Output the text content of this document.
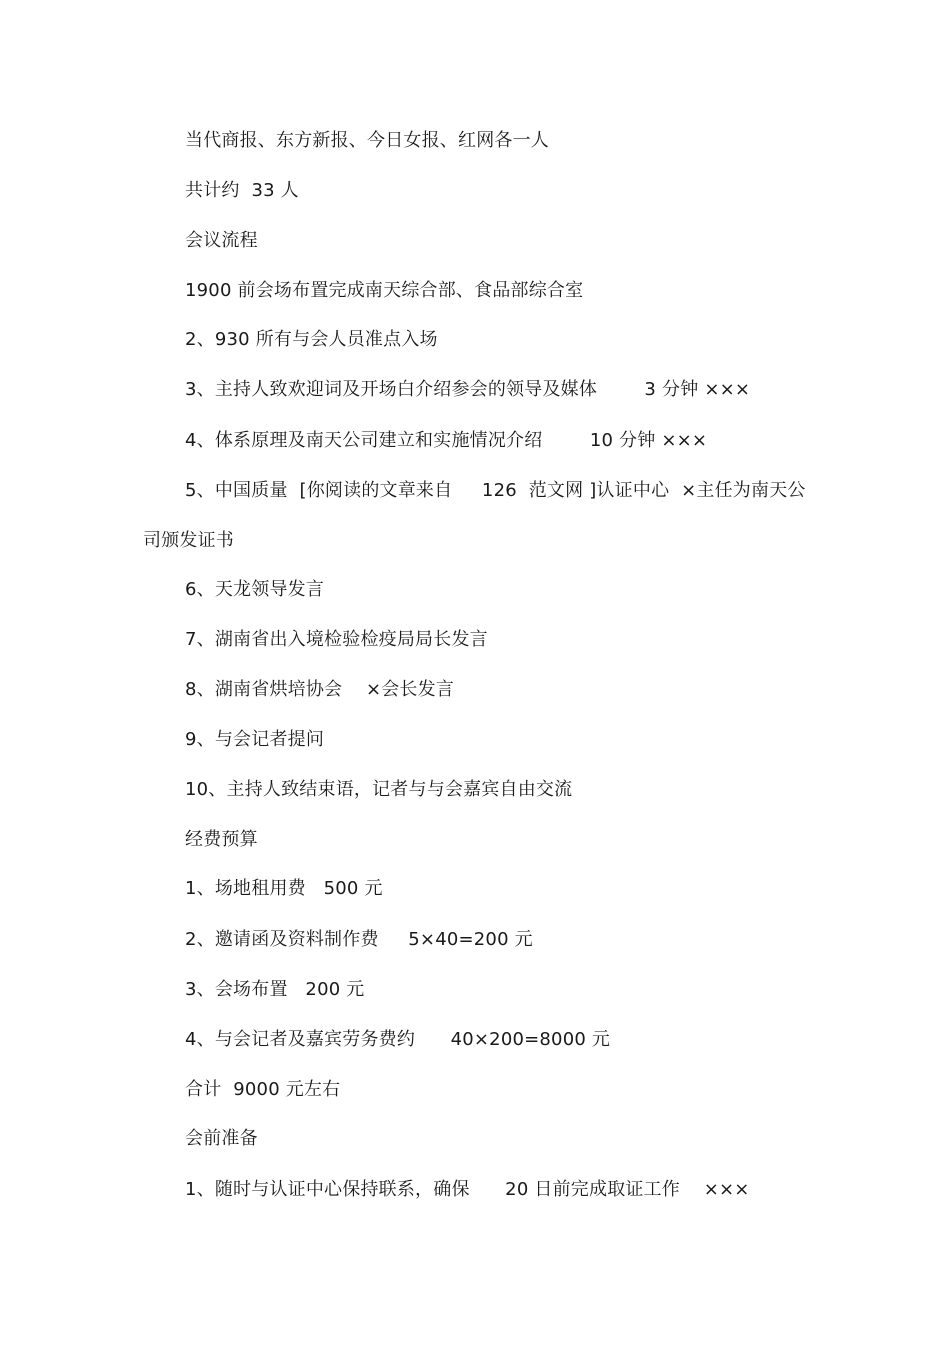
当代商报、东方新报、今日女报、红网各一人
共计约  33 人
会议流程
1900 前会场布置完成南天综合部、食品部综合室
2、930 所有与会人员准点入场
3、主持人致欢迎词及开场白介绍参会的领导及媒体        3 分钟 ×××
4、体系原理及南天公司建立和实施情况介绍        10 分钟 ×××
5、中国质量  [你阅读的文章来自     126  范文网 ]认证中心  ×主任为南天公
司颁发证书
6、天龙领导发言
7、湖南省出入境检验检疫局局长发言
8、湖南省烘培协会    ×会长发言
9、与会记者提问
10、主持人致结束语，记者与与会嘉宾自由交流
经费预算
1、场地租用费   500 元
2、邀请函及资料制作费     5×40=200 元
3、会场布置   200 元
4、与会记者及嘉宾劳务费约      40×200=8000 元
合计  9000 元左右
会前准备
1、随时与认证中心保持联系，确保      20 日前完成取证工作    ×××
